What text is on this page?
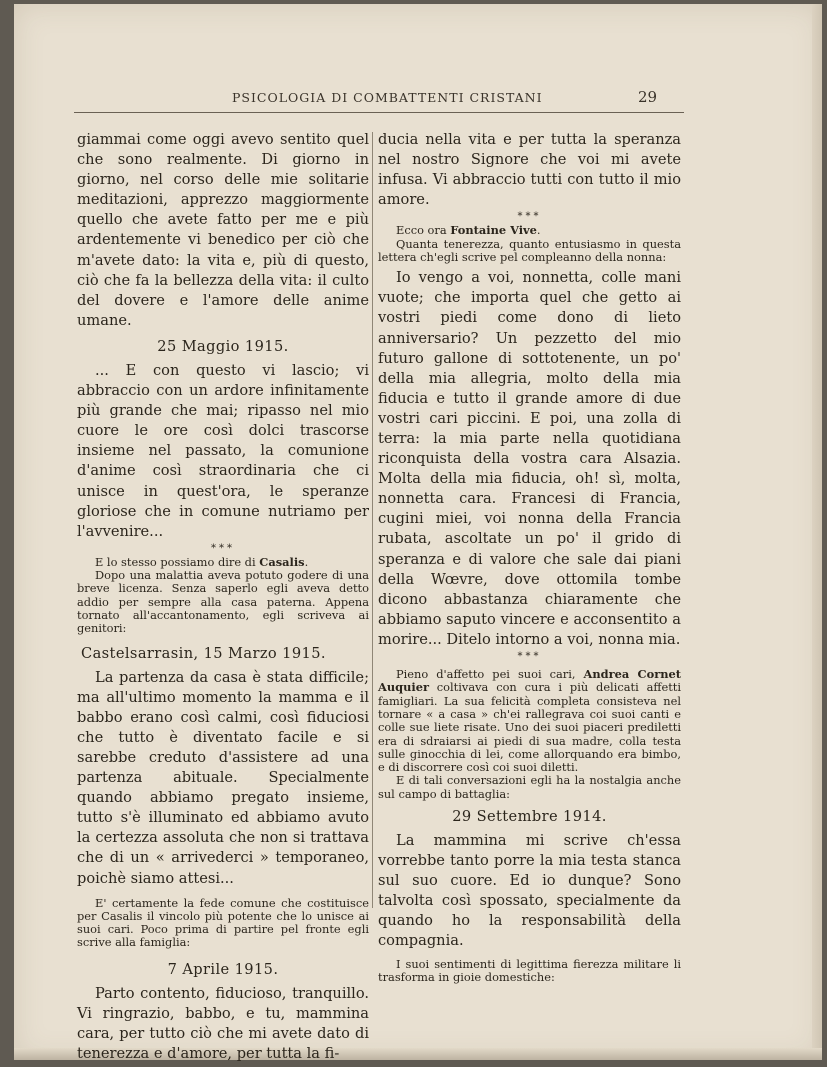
PSICOLOGIA DI COMBATTENTI CRISTANI	29

giammai come oggi avevo sentito quel che sono realmente. Di giorno in giorno, nel corso delle mie solitarie meditazioni, apprezzo maggiormente quello che avete fatto per me e più ardentemente vi benedico per ciò che m'avete dato: la vita e, più di questo, ciò che fa la bellezza della vita: il culto del dovere e l'amore delle anime umane.

25 Maggio 1915.

... E con questo vi lascio; vi abbraccio con un ardore infinitamente più grande che mai; ripasso nel mio cuore le ore così dolci trascorse insieme nel passato, la comunione d'anime così straordinaria che ci unisce in quest'ora, le speranze gloriose che in comune nutriamo per l'avvenire...

***

E lo stesso possiamo dire di Casalis.

Dopo una malattia aveva potuto godere di una breve licenza. Senza saperlo egli aveva detto addio per sempre alla casa paterna. Appena tornato all'accantonamento, egli scriveva ai genitori:

Castelsarrasin, 15 Marzo 1915.

La partenza da casa è stata difficile; ma all'ultimo momento la mamma e il babbo erano così calmi, così fiduciosi che tutto è diventato facile e si sarebbe creduto d'assistere ad una partenza abituale. Specialmente quando abbiamo pregato insieme, tutto s'è illuminato ed abbiamo avuto la certezza assoluta che non si trattava che di un « arrivederci » temporaneo, poichè siamo attesi...

E' certamente la fede comune che costituisce per Casalis il vincolo più potente che lo unisce ai suoi cari. Poco prima di partire pel fronte egli scrive alla famiglia:

7 Aprile 1915.

Parto contento, fiducioso, tranquillo. Vi ringrazio, babbo, e tu, mammina cara, per tutto ciò che mi avete dato di tenerezza e d'amore, per tutta la fi-

ducia nella vita e per tutta la speranza nel nostro Signore che voi mi avete infusa. Vi abbraccio tutti con tutto il mio amore.

***

Ecco ora Fontaine Vive.

Quanta tenerezza, quanto entusiasmo in questa lettera ch'egli scrive pel compleanno della nonna:

Io vengo a voi, nonnetta, colle mani vuote; che importa quel che getto ai vostri piedi come dono di lieto anniversario? Un pezzetto del mio futuro gallone di sottotenente, un po' della mia allegria, molto della mia fiducia e tutto il grande amore di due vostri cari piccini. E poi, una zolla di terra: la mia parte nella quotidiana riconquista della vostra cara Alsazia. Molta della mia fiducia, oh! sì, molta, nonnetta cara. Francesi di Francia, cugini miei, voi nonna della Francia rubata, ascoltate un po' il grido di speranza e di valore che sale dai piani della Wœvre, dove ottomila tombe dicono abbastanza chiaramente che abbiamo saputo vincere e acconsentito a morire... Ditelo intorno a voi, nonna mia.

***

Pieno d'affetto pei suoi cari, Andrea Cornet Auquier coltivava con cura i più delicati affetti famigliari. La sua felicità completa consisteva nel tornare « a casa » ch'ei rallegrava coi suoi canti e colle sue liete risate. Uno dei suoi piaceri prediletti era di sdraiarsi ai piedi di sua madre, colla testa sulle ginocchia di lei, come allorquando era bimbo, e di discorrere così coi suoi diletti.

E di tali conversazioni egli ha la nostalgia anche sul campo di battaglia:

29 Settembre 1914.

La mammina mi scrive ch'essa vorrebbe tanto porre la mia testa stanca sul suo cuore. Ed io dunque? Sono talvolta così spossato, specialmente da quando ho la responsabilità della compagnia.

I suoi sentimenti di legittima fierezza militare li trasforma in gioie domestiche:
